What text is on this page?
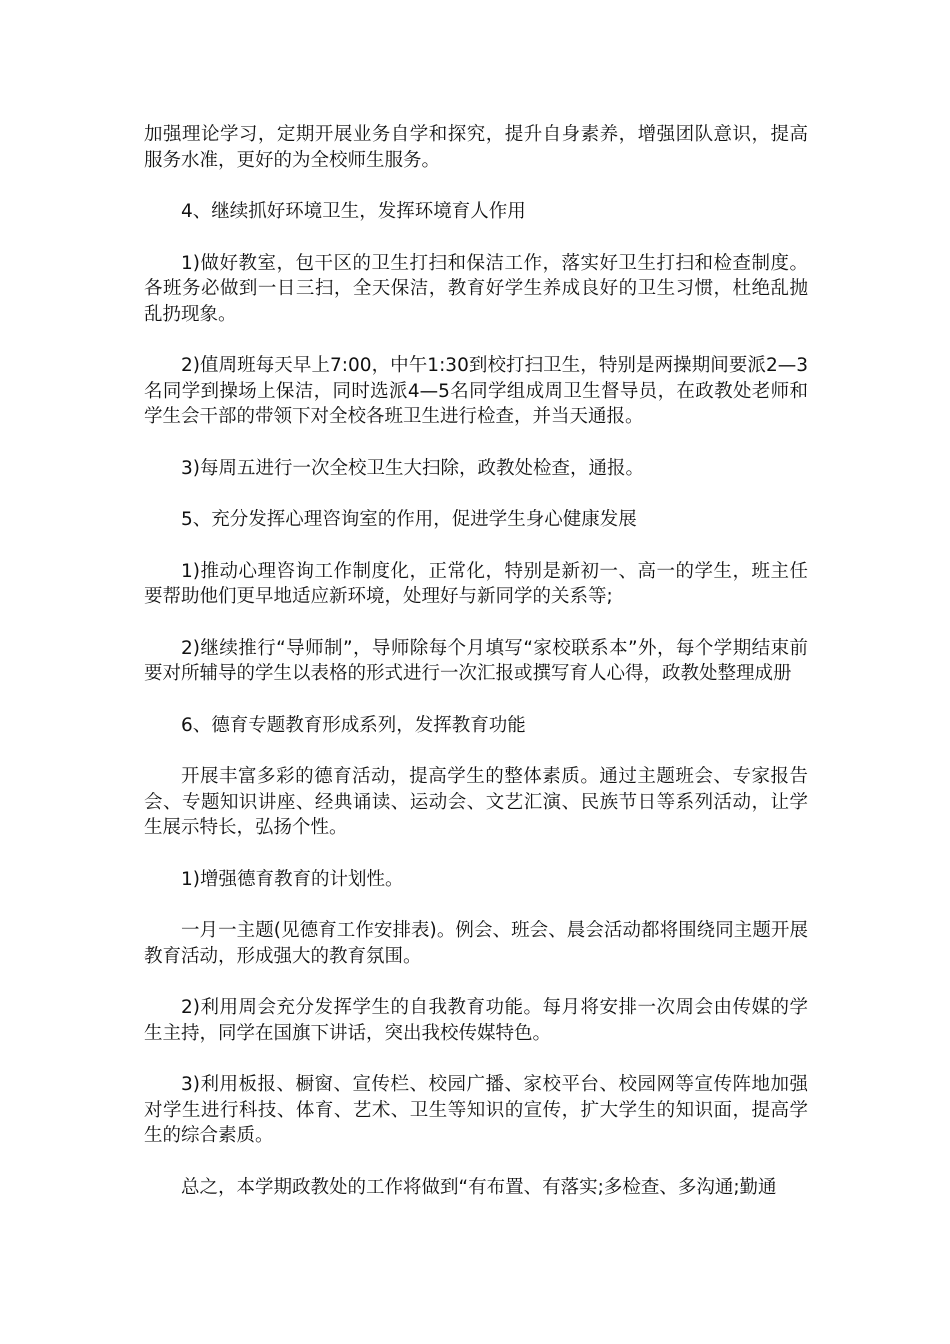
加强理论学习，定期开展业务自学和探究，提升自身素养，增强团队意识，提高服务水准，更好的为全校师生服务。

4、继续抓好环境卫生，发挥环境育人作用

1)做好教室，包干区的卫生打扫和保洁工作，落实好卫生打扫和检查制度。各班务必做到一日三扫，全天保洁，教育好学生养成良好的卫生习惯，杜绝乱抛乱扔现象。

2)值周班每天早上7:00，中午1:30到校打扫卫生，特别是两操期间要派2—3名同学到操场上保洁，同时选派4—5名同学组成周卫生督导员，在政教处老师和学生会干部的带领下对全校各班卫生进行检查，并当天通报。

3)每周五进行一次全校卫生大扫除，政教处检查，通报。

5、充分发挥心理咨询室的作用，促进学生身心健康发展

1)推动心理咨询工作制度化，正常化，特别是新初一、高一的学生，班主任要帮助他们更早地适应新环境，处理好与新同学的关系等;

2)继续推行“导师制”，导师除每个月填写“家校联系本”外，每个学期结束前要对所辅导的学生以表格的形式进行一次汇报或撰写育人心得，政教处整理成册

6、德育专题教育形成系列，发挥教育功能

开展丰富多彩的德育活动，提高学生的整体素质。通过主题班会、专家报告会、专题知识讲座、经典诵读、运动会、文艺汇演、民族节日等系列活动，让学生展示特长，弘扬个性。

1)增强德育教育的计划性。

一月一主题(见德育工作安排表)。例会、班会、晨会活动都将围绕同主题开展教育活动，形成强大的教育氛围。

2)利用周会充分发挥学生的自我教育功能。每月将安排一次周会由传媒的学生主持，同学在国旗下讲话，突出我校传媒特色。

3)利用板报、橱窗、宣传栏、校园广播、家校平台、校园网等宣传阵地加强对学生进行科技、体育、艺术、卫生等知识的宣传，扩大学生的知识面，提高学生的综合素质。

总之，本学期政教处的工作将做到“有布置、有落实;多检查、多沟通;勤通
